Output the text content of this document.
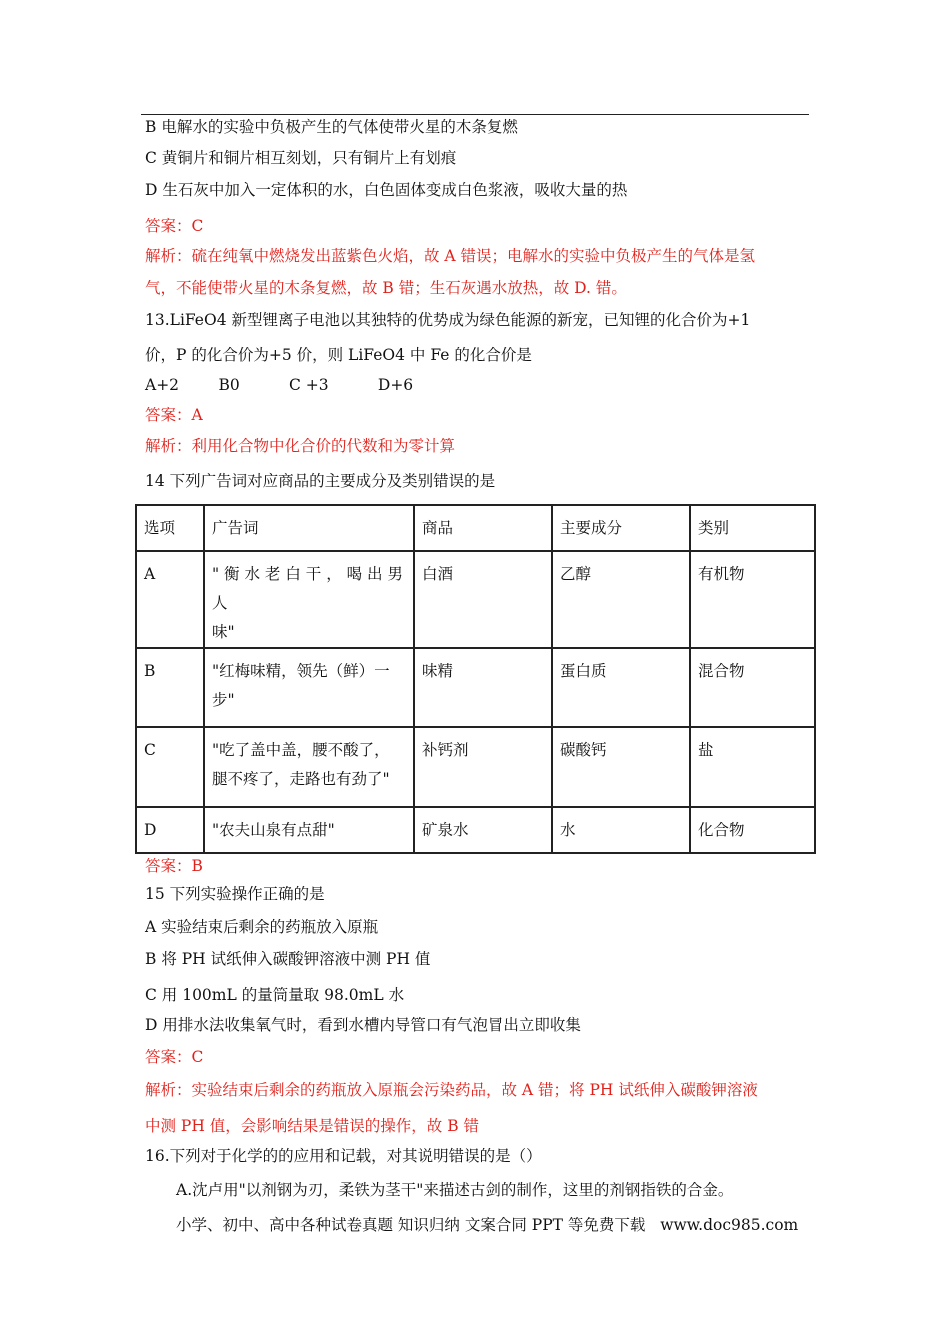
B 电解水的实验中负极产生的气体使带火星的木条复燃
C 黄铜片和铜片相互刻划，只有铜片上有划痕
D 生石灰中加入一定体积的水，白色固体变成白色浆液，吸收大量的热
答案：C
解析：硫在纯氧中燃烧发出蓝紫色火焰，故 A 错误；电解水的实验中负极产生的气体是氢
气，不能使带火星的木条复燃，故 B 错；生石灰遇水放热，故 D. 错。
13.LiFeO4 新型锂离子电池以其独特的优势成为绿色能源的新宠，已知锂的化合价为+1
价，P 的化合价为+5 价，则 LiFeO4 中 Fe 的化合价是
A+2        B0          C +3          D+6
答案：A
解析：利用化合物中化合价的代数和为零计算
14 下列广告词对应商品的主要成分及类别错误的是
选项	广告词	商品	主要成分	类别
A	" 衡 水 老 白 干 ， 喝 出 男 人
味"	白酒	乙醇	有机物
B	"红梅味精，领先（鲜）一
步"	味精	蛋白质	混合物
C	"吃了盖中盖，腰不酸了，
腿不疼了，走路也有劲了"	补钙剂	碳酸钙	盐
D	"农夫山泉有点甜"	矿泉水	水	化合物
答案：B
15 下列实验操作正确的是
A 实验结束后剩余的药瓶放入原瓶
B 将 PH 试纸伸入碳酸钾溶液中测 PH 值
C 用 100mL 的量筒量取 98.0mL 水
D 用排水法收集氧气时，看到水槽内导管口有气泡冒出立即收集
答案：C
解析：实验结束后剩余的药瓶放入原瓶会污染药品，故 A 错；将 PH 试纸伸入碳酸钾溶液
中测 PH 值，会影响结果是错误的操作，故 B 错
16.下列对于化学的的应用和记载，对其说明错误的是（）
A.沈卢用"以剂钢为刃，柔铁为茎干"来描述古剑的制作，这里的剂钢指铁的合金。
小学、初中、高中各种试卷真题 知识归纳 文案合同 PPT 等免费下载   www.doc985.com
